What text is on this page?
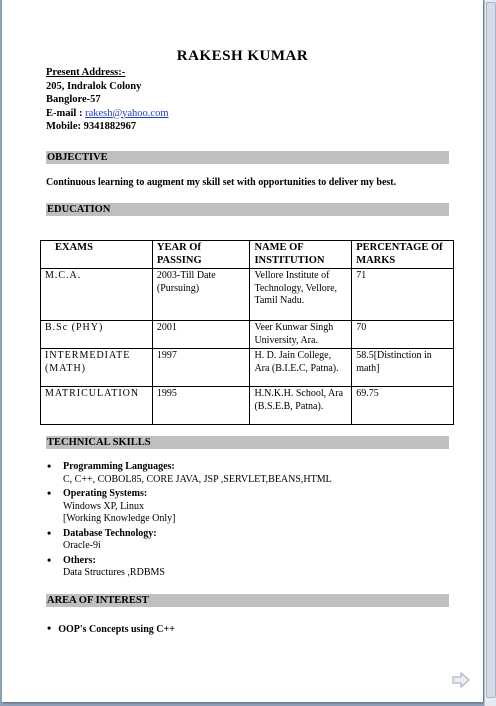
RAKESH KUMAR
Present Address:-
205, Indralok Colony
Banglore-57
E-mail : rakesh@yahoo.com
Mobile: 9341882967
OBJECTIVE
Continuous learning to augment my skill set with opportunities to deliver my best.
EDUCATION
EXAMS	YEAR Of PASSING	NAME OF INSTITUTION	PERCENTAGE Of MARKS
M.C.A.	2003-Till Date (Pursuing)	Vellore Institute of Technology, Vellore, Tamil Nadu.	71
B.Sc (PHY)	2001	Veer Kunwar Singh University, Ara.	70
INTERMEDIATE (MATH)	1997	H. D. Jain College, Ara (B.I.E.C, Patna).	58.5[Distinction in math]
MATRICULATION	1995	H.N.K.H. School, Ara (B.S.E.B, Patna).	69.75
TECHNICAL SKILLS
• Programming Languages:
C, C++, COBOL85, CORE JAVA, JSP ,SERVLET,BEANS,HTML
• Operating Systems:
Windows XP, Linux
[Working Knowledge Only]
• Database Technology:
Oracle-9i
• Others:
Data Structures ,RDBMS
AREA OF INTEREST
• OOP's Concepts using C++
